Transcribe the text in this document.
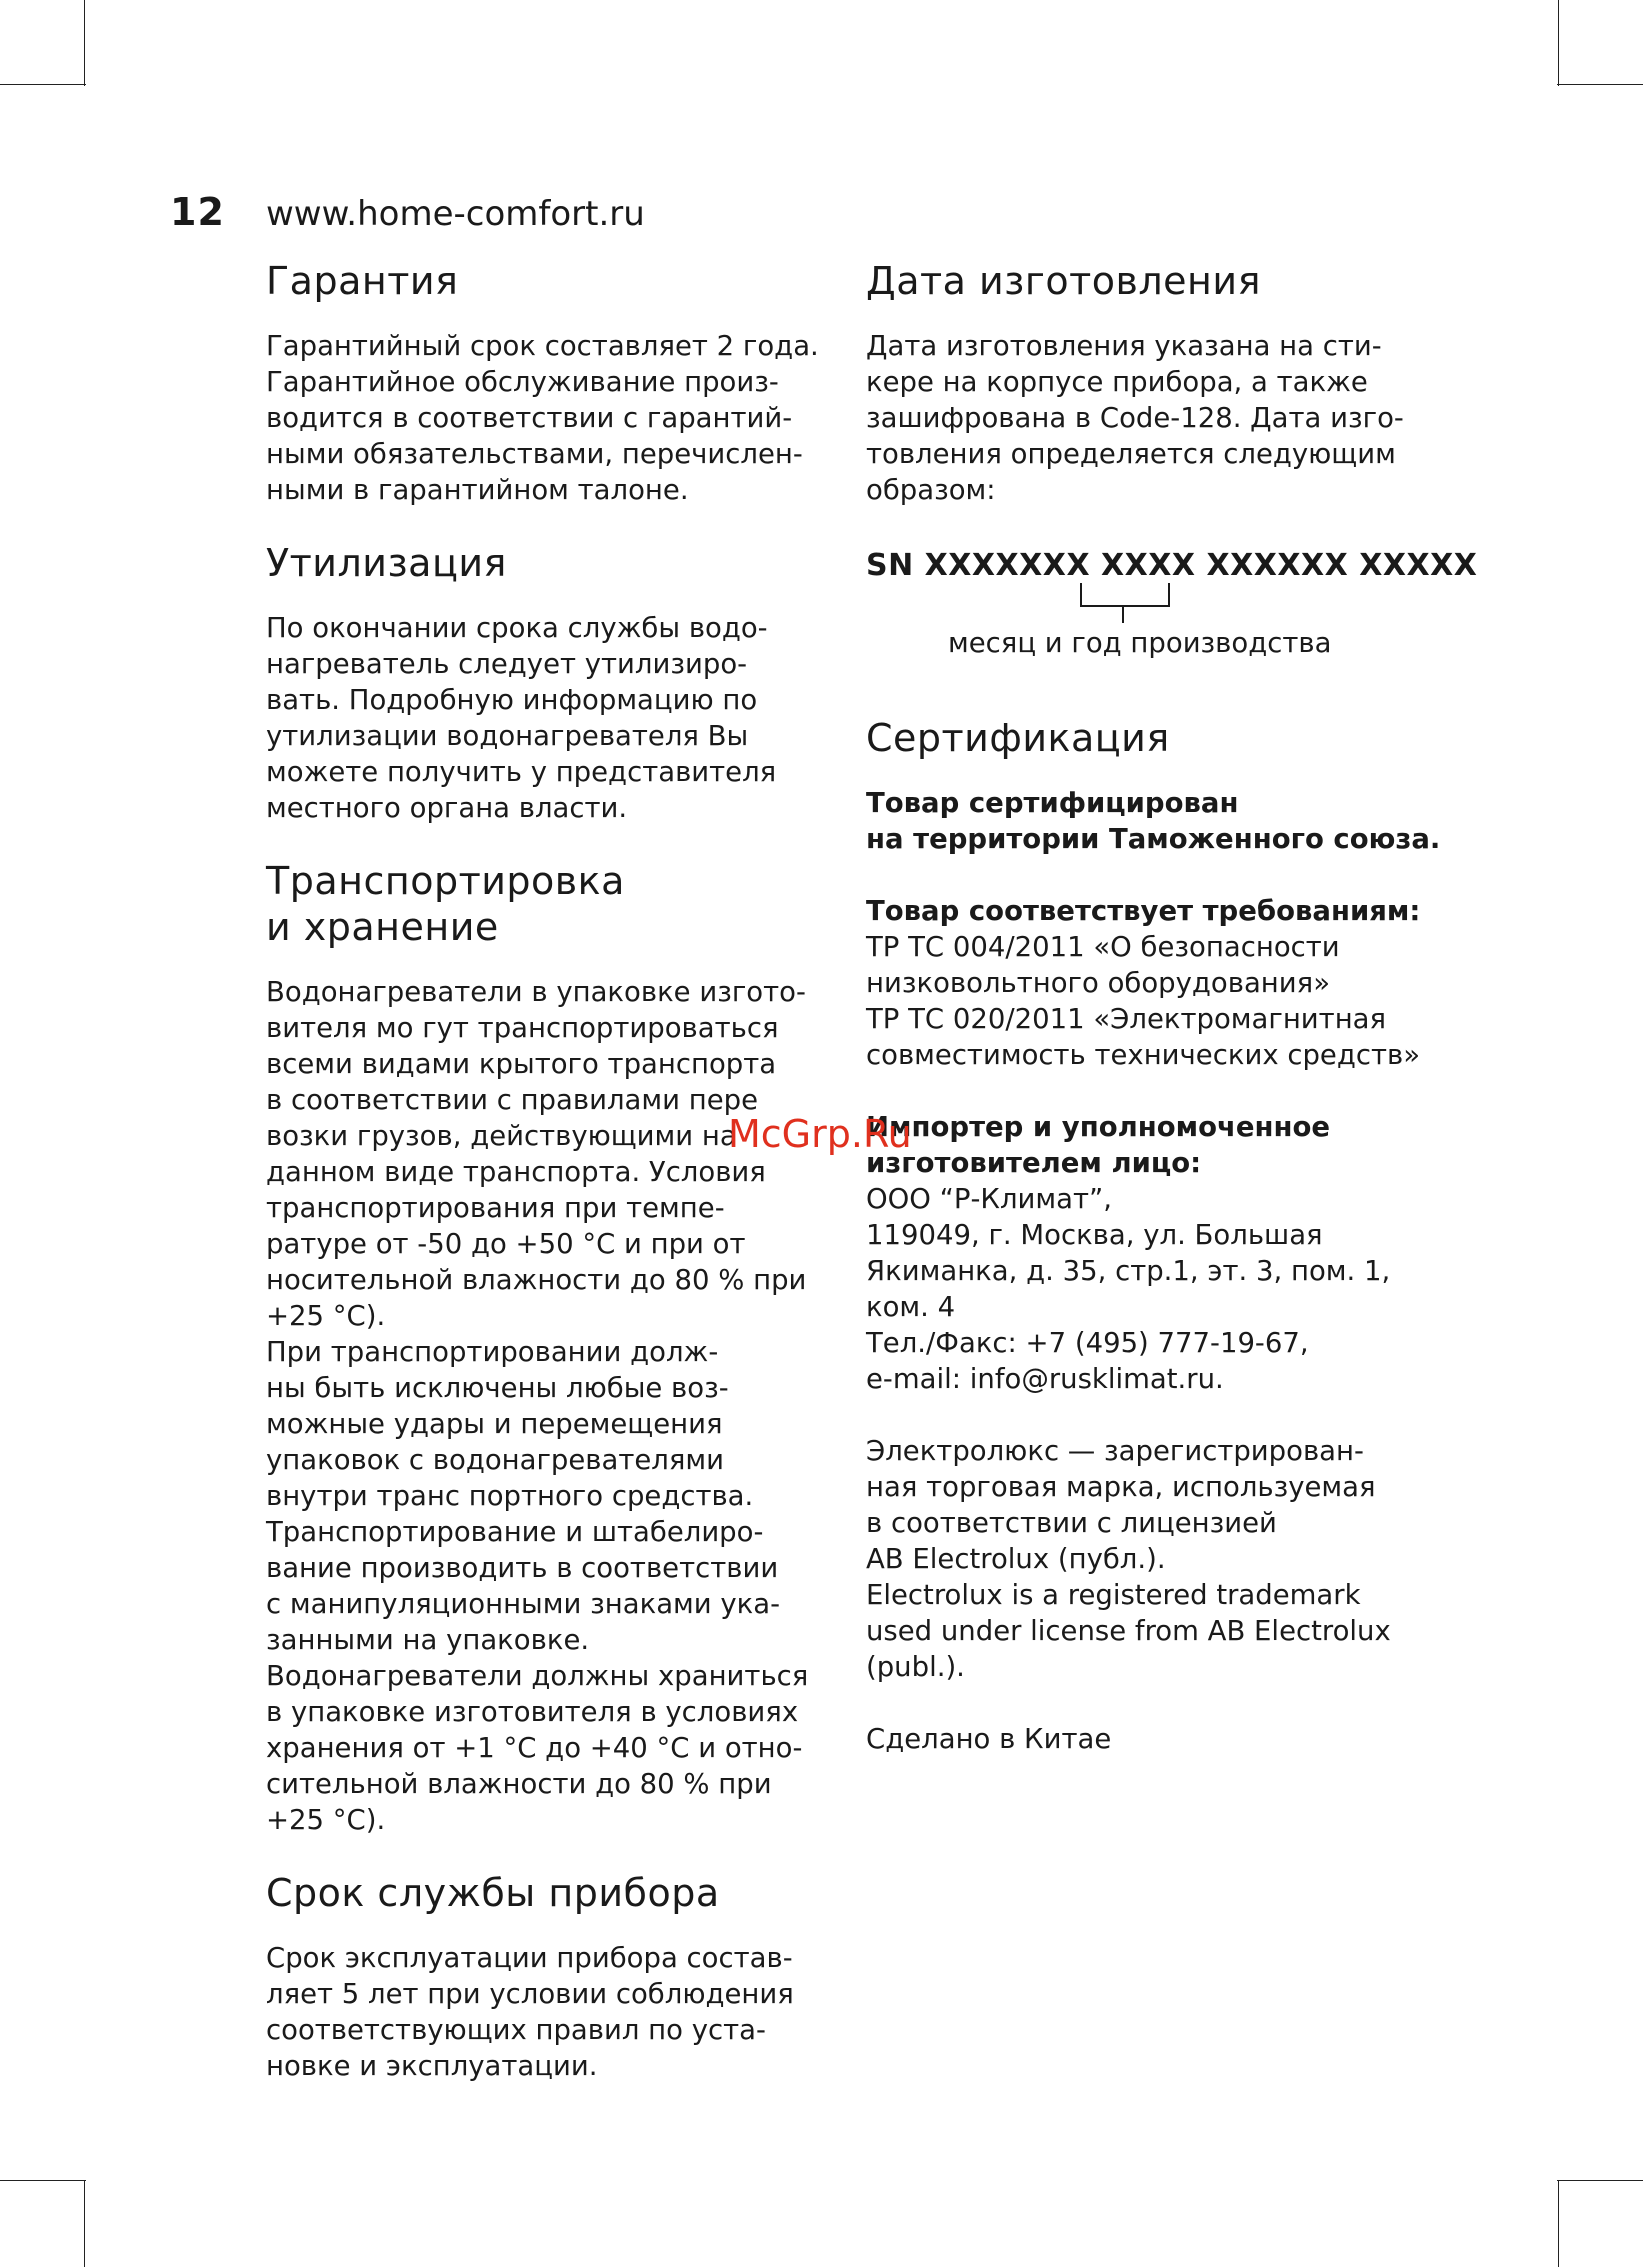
12 www.home-comfort.ru
Гарантия

Гарантийный срок составляет 2 года.
Гарантийное обслуживание произ-
водится в соответствии с гарантий-
ными обязательствами, перечислен-
ными в гарантийном талоне.

Утилизация

По окончании срока службы водо-
нагреватель следует утилизиро-
вать. Подробную информацию по
утилизации водонагревателя Вы
можете получить у представителя
местного органа власти.

Транспортировка
и хранение

Водонагреватели в упаковке изгото-
вителя мо гут транспортироваться
всеми видами крытого транспорта
в соответствии с правилами пере
возки грузов, действующими на
данном виде транспорта. Условия
транспортирования при темпе-
ратуре от -50 до +50 °С и при от
носительной влажности до 80 % при
+25 °С).
При транспортировании долж-
ны быть исключены любые воз-
можные удары и перемещения
упаковок с водонагревателями
внутри транс портного средства.
Транспортирование и штабелиро-
вание производить в соответствии
с манипуляционными знаками ука-
занными на упаковке.
Водонагреватели должны храниться
в упаковке изготовителя в условиях
хранения от +1 °С до +40 °С и отно-
сительной влажности до 80 % при
+25 °С).

Срок службы прибора

Срок эксплуатации прибора состав-
ляет 5 лет при условии соблюдения
соответствующих правил по уста-
новке и эксплуатации.

Дата изготовления

Дата изготовления указана на сти-
кере на корпусе прибора, а также
зашифрована в Code-128. Дата изго-
товления определяется следующим
образом:

SN XXXXXXX XXXX XXXXXX XXXXX
месяц и год производства
Сертификация

Товар сертифицирован
на территории Таможенного союза.

Товар соответствует требованиям:

ТР ТС 004/2011 «О безопасности
низковольтного оборудования»
ТР ТС 020/2011 «Электромагнитная
совместимость технических средств»

Импортер и уполномоченное
изготовителем лицо:

ООО “Р-Климат”,
119049, г. Москва, ул. Большая
Якиманка, д. 35, стр.1, эт. 3, пом. 1,
ком. 4
Тел./Факс: +7 (495) 777-19-67,
e-mail: info@rusklimat.ru.

Электролюкс — зарегистрирован-
ная торговая марка, используемая
в соответствии с лицензией
AB Electrolux (публ.).
Electrolux is a registered trademark
used under license from AB Electrolux
(publ.).

Сделано в Китае

McGrp.Ru
